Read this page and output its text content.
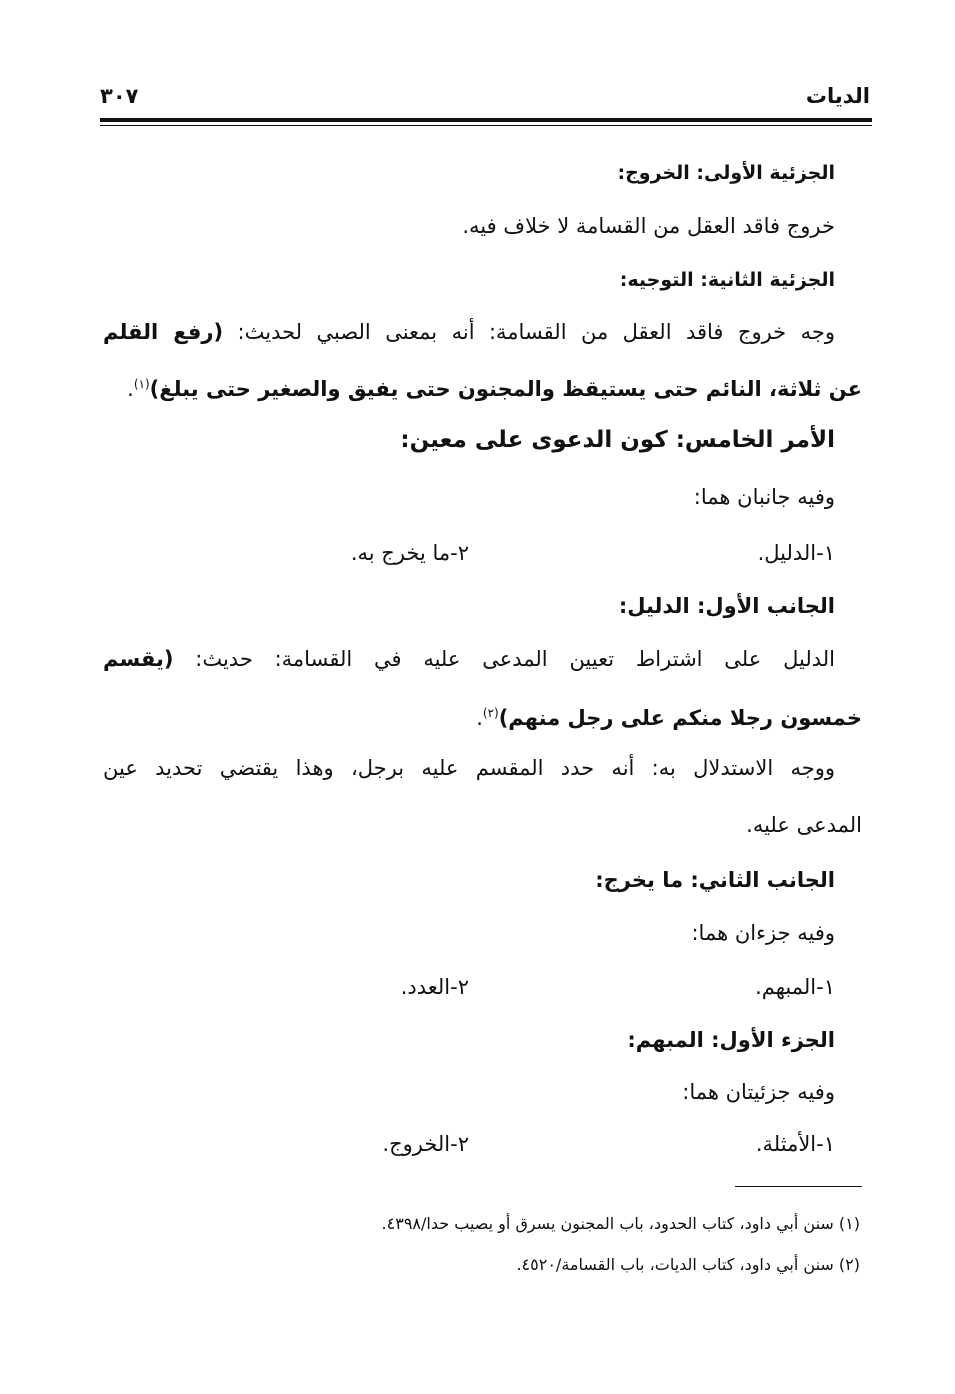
الديات
٣٠٧
الجزئية الأولى: الخروج:
خروج فاقد العقل من القسامة لا خلاف فيه.
الجزئية الثانية: التوجيه:
وجه خروج فاقد العقل من القسامة: أنه بمعنى الصبي لحديث: (رفع القلم
عن ثلاثة، النائم حتى يستيقظ والمجنون حتى يفيق والصغير حتى يبلغ)$^{(١)}$.
الأمر الخامس: كون الدعوى على معين:
وفيه جانبان هما:
١-الدليل.
٢-ما يخرج به.
الجانب الأول: الدليل:
الدليل على اشتراط تعيين المدعى عليه في القسامة: حديث: (يقسم
خمسون رجلا منكم على رجل منهم)$^{(٢)}$.
ووجه الاستدلال به: أنه حدد المقسم عليه برجل، وهذا يقتضي تحديد عين
المدعى عليه.
الجانب الثاني: ما يخرج:
وفيه جزءان هما:
١-المبهم.
٢-العدد.
الجزء الأول: المبهم:
وفيه جزئيتان هما:
١-الأمثلة.
٢-الخروج.
(١) سنن أبي داود، كتاب الحدود، باب المجنون يسرق أو يصيب حدا/٤٣٩٨.
(٢) سنن أبي داود، كتاب الديات، باب القسامة/٤٥٢٠.
